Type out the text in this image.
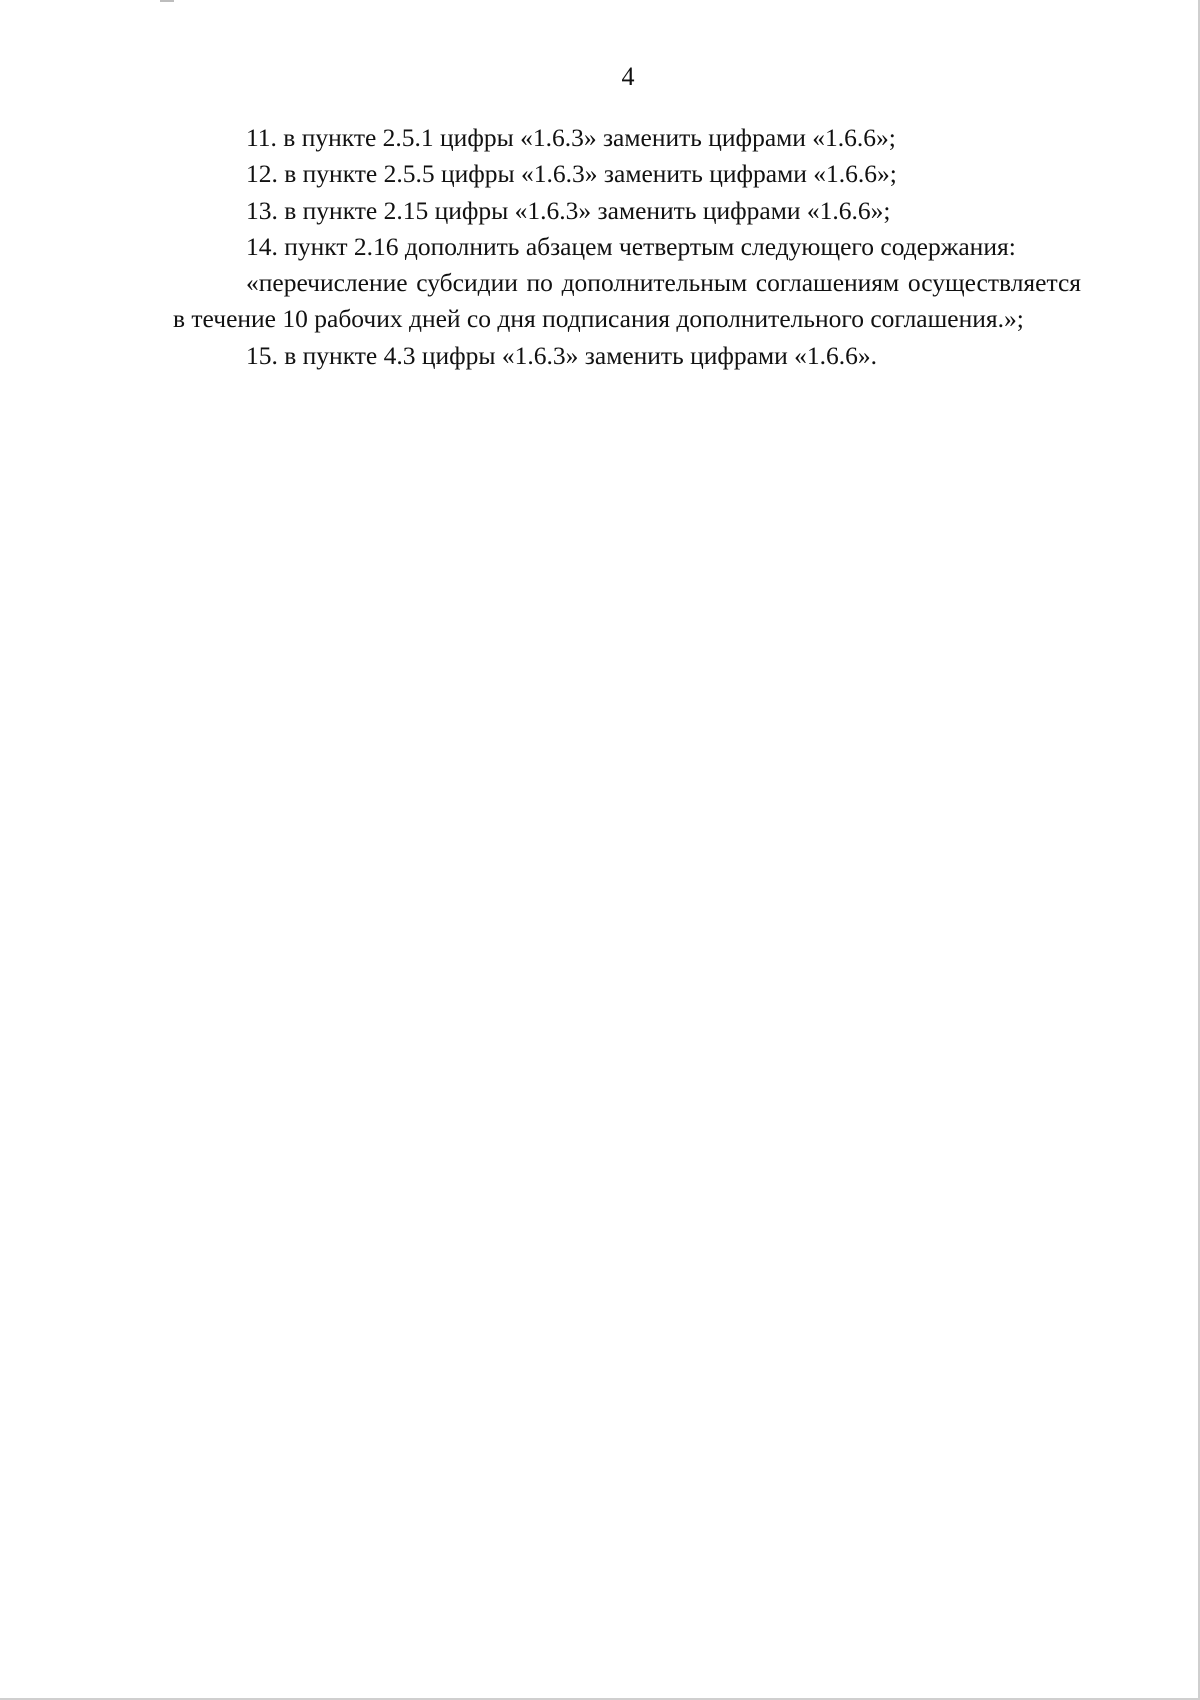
4

11. в пункте 2.5.1 цифры «1.6.3» заменить цифрами «1.6.6»;

12. в пункте 2.5.5 цифры «1.6.3» заменить цифрами «1.6.6»;

13. в пункте 2.15 цифры «1.6.3» заменить цифрами «1.6.6»;

14. пункт 2.16 дополнить абзацем четвертым следующего содержания:

«перечисление субсидии по дополнительным соглашениям осуществляется в течение 10 рабочих дней со дня подписания дополнительного соглашения.»;

15. в пункте 4.3 цифры «1.6.3» заменить цифрами «1.6.6».
